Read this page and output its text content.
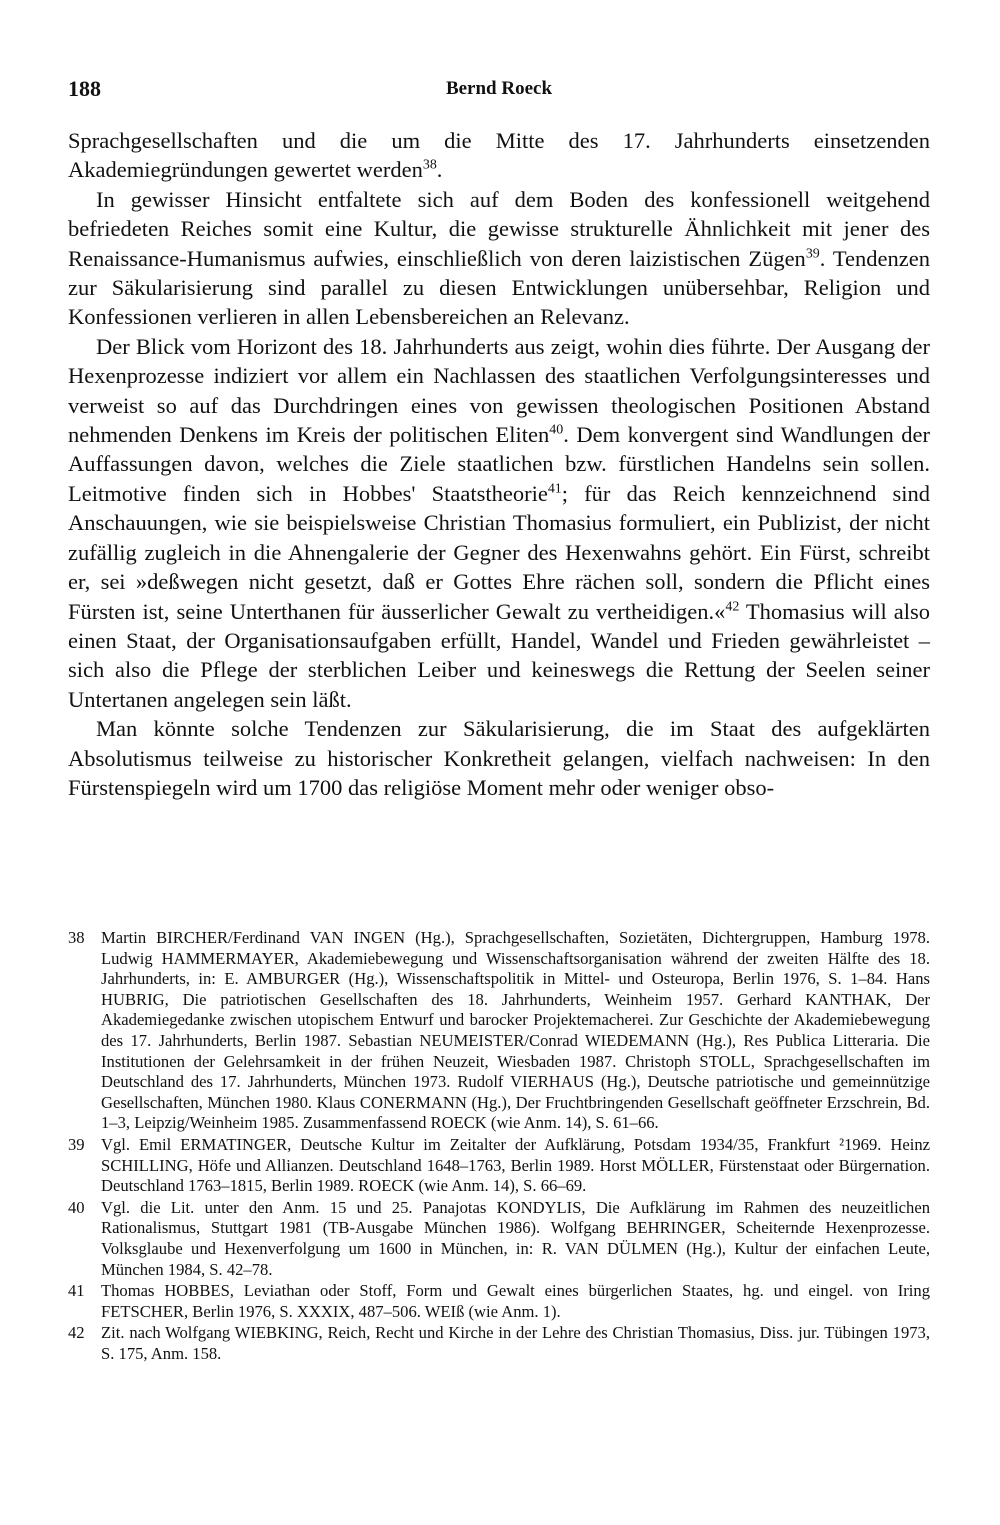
188	Bernd Roeck

Sprachgesellschaften und die um die Mitte des 17. Jahrhunderts einsetzenden Akademiegründungen gewertet werden$^{38}$.

In gewisser Hinsicht entfaltete sich auf dem Boden des konfessionell weitgehend befriedeten Reiches somit eine Kultur, die gewisse strukturelle Ähnlichkeit mit jener des Renaissance-Humanismus aufwies, einschließlich von deren laizistischen Zügen$^{39}$. Tendenzen zur Säkularisierung sind parallel zu diesen Entwicklungen unübersehbar, Religion und Konfessionen verlieren in allen Lebensbereichen an Relevanz.

Der Blick vom Horizont des 18. Jahrhunderts aus zeigt, wohin dies führte. Der Ausgang der Hexenprozesse indiziert vor allem ein Nachlassen des staatlichen Verfolgungsinteresses und verweist so auf das Durchdringen eines von gewissen theologischen Positionen Abstand nehmenden Denkens im Kreis der politischen Eliten$^{40}$. Dem konvergent sind Wandlungen der Auffassungen davon, welches die Ziele staatlichen bzw. fürstlichen Handelns sein sollen. Leitmotive finden sich in Hobbes' Staatstheorie$^{41}$; für das Reich kennzeichnend sind Anschauungen, wie sie beispielsweise Christian Thomasius formuliert, ein Publizist, der nicht zufällig zugleich in die Ahnengalerie der Gegner des Hexenwahns gehört. Ein Fürst, schreibt er, sei »deßwegen nicht gesetzt, daß er Gottes Ehre rächen soll, sondern die Pflicht eines Fürsten ist, seine Unterthanen für äusserlicher Gewalt zu vertheidigen.«$^{42}$ Thomasius will also einen Staat, der Organisationsaufgaben erfüllt, Handel, Wandel und Frieden gewährleistet – sich also die Pflege der sterblichen Leiber und keineswegs die Rettung der Seelen seiner Untertanen angelegen sein läßt.

Man könnte solche Tendenzen zur Säkularisierung, die im Staat des aufgeklärten Absolutismus teilweise zu historischer Konkretheit gelangen, vielfach nachweisen: In den Fürstenspiegeln wird um 1700 das religiöse Moment mehr oder weniger obso-

38 Martin BIRCHER/Ferdinand VAN INGEN (Hg.), Sprachgesellschaften, Sozietäten, Dichtergruppen, Hamburg 1978. Ludwig HAMMERMAYER, Akademiebewegung und Wissenschaftsorganisation während der zweiten Hälfte des 18. Jahrhunderts, in: E. AMBURGER (Hg.), Wissenschaftspolitik in Mittel- und Osteuropa, Berlin 1976, S. 1–84. Hans HUBRIG, Die patriotischen Gesellschaften des 18. Jahrhunderts, Weinheim 1957. Gerhard KANTHAK, Der Akademiegedanke zwischen utopischem Entwurf und barocker Projektemacherei. Zur Geschichte der Akademiebewegung des 17. Jahrhunderts, Berlin 1987. Sebastian NEUMEISTER/Conrad WIEDEMANN (Hg.), Res Publica Litteraria. Die Institutionen der Gelehrsamkeit in der frühen Neuzeit, Wiesbaden 1987. Christoph STOLL, Sprachgesellschaften im Deutschland des 17. Jahrhunderts, München 1973. Rudolf VIERHAUS (Hg.), Deutsche patriotische und gemeinnützige Gesellschaften, München 1980. Klaus CONERMANN (Hg.), Der Fruchtbringenden Gesellschaft geöffneter Erzschrein, Bd. 1–3, Leipzig/Weinheim 1985. Zusammenfassend ROECK (wie Anm. 14), S. 61–66.
39 Vgl. Emil ERMATINGER, Deutsche Kultur im Zeitalter der Aufklärung, Potsdam 1934/35, Frankfurt ²1969. Heinz SCHILLING, Höfe und Allianzen. Deutschland 1648–1763, Berlin 1989. Horst MÖLLER, Fürstenstaat oder Bürgernation. Deutschland 1763–1815, Berlin 1989. ROECK (wie Anm. 14), S. 66–69.
40 Vgl. die Lit. unter den Anm. 15 und 25. Panajotas KONDYLIS, Die Aufklärung im Rahmen des neuzeitlichen Rationalismus, Stuttgart 1981 (TB-Ausgabe München 1986). Wolfgang BEHRINGER, Scheiternde Hexenprozesse. Volksglaube und Hexenverfolgung um 1600 in München, in: R. VAN DÜLMEN (Hg.), Kultur der einfachen Leute, München 1984, S. 42–78.
41 Thomas HOBBES, Leviathan oder Stoff, Form und Gewalt eines bürgerlichen Staates, hg. und eingel. von Iring FETSCHER, Berlin 1976, S. XXXIX, 487–506. WEIß (wie Anm. 1).
42 Zit. nach Wolfgang WIEBKING, Reich, Recht und Kirche in der Lehre des Christian Thomasius, Diss. jur. Tübingen 1973, S. 175, Anm. 158.
